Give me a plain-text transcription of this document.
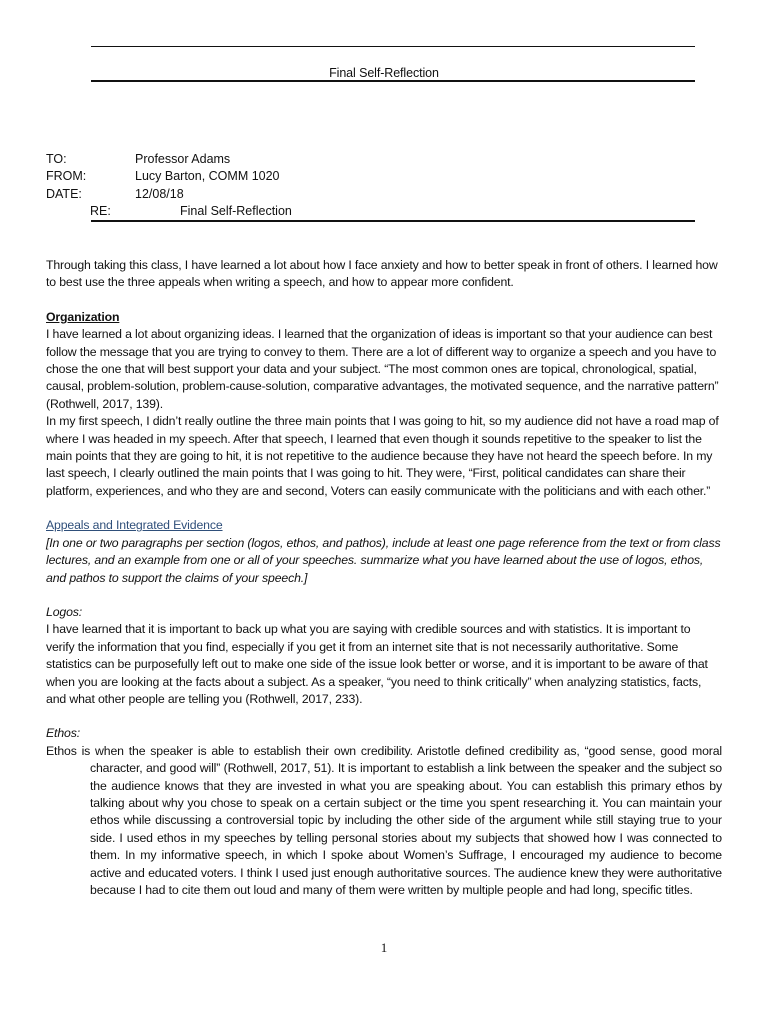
Final Self-Reflection
TO:	Professor Adams
FROM:	Lucy Barton, COMM 1020
DATE:	12/08/18
RE:	Final Self-Reflection

Through taking this class, I have learned a lot about how I face anxiety and how to better speak in front of others. I learned how to best use the three appeals when writing a speech, and how to appear more confident.

Organization

I have learned a lot about organizing ideas. I learned that the organization of ideas is important so that your audience can best follow the message that you are trying to convey to them. There are a lot of different way to organize a speech and you have to chose the one that will best support your data and your subject. “The most common ones are topical, chronological, spatial, causal, problem-solution, problem-cause-solution, comparative advantages, the motivated sequence, and the narrative pattern” (Rothwell, 2017, 139).

In my first speech, I didn’t really outline the three main points that I was going to hit, so my audience did not have a road map of where I was headed in my speech. After that speech, I learned that even though it sounds repetitive to the speaker to list the main points that they are going to hit, it is not repetitive to the audience because they have not heard the speech before. In my last speech, I clearly outlined the main points that I was going to hit. They were, “First, political candidates can share their platform, experiences, and who they are and second, Voters can easily communicate with the politicians and with each other.”

Appeals and Integrated Evidence

[In one or two paragraphs per section (logos, ethos, and pathos), include at least one page reference from the text or from class lectures, and an example from one or all of your speeches. summarize what you have learned about the use of logos, ethos, and pathos to support the claims of your speech.]

Logos:

I have learned that it is important to back up what you are saying with credible sources and with statistics. It is important to verify the information that you find, especially if you get it from an internet site that is not necessarily authoritative. Some statistics can be purposefully left out to make one side of the issue look better or worse, and it is important to be aware of that when you are looking at the facts about a subject. As a speaker, “you need to think critically” when analyzing statistics, facts, and what other people are telling you (Rothwell, 2017, 233).

Ethos:

Ethos is when the speaker is able to establish their own credibility. Aristotle defined credibility as, “good sense, good moral character, and good will” (Rothwell, 2017, 51). It is important to establish a link between the speaker and the subject so the audience knows that they are invested in what you are speaking about. You can establish this primary ethos by talking about why you chose to speak on a certain subject or the time you spent researching it. You can maintain your ethos while discussing a controversial topic by including the other side of the argument while still staying true to your side. I used ethos in my speeches by telling personal stories about my subjects that showed how I was connected to them. In my informative speech, in which I spoke about Women’s Suffrage, I encouraged my audience to become active and educated voters. I think I used just enough authoritative sources. The audience knew they were authoritative because I had to cite them out loud and many of them were written by multiple people and had long, specific titles.

1
